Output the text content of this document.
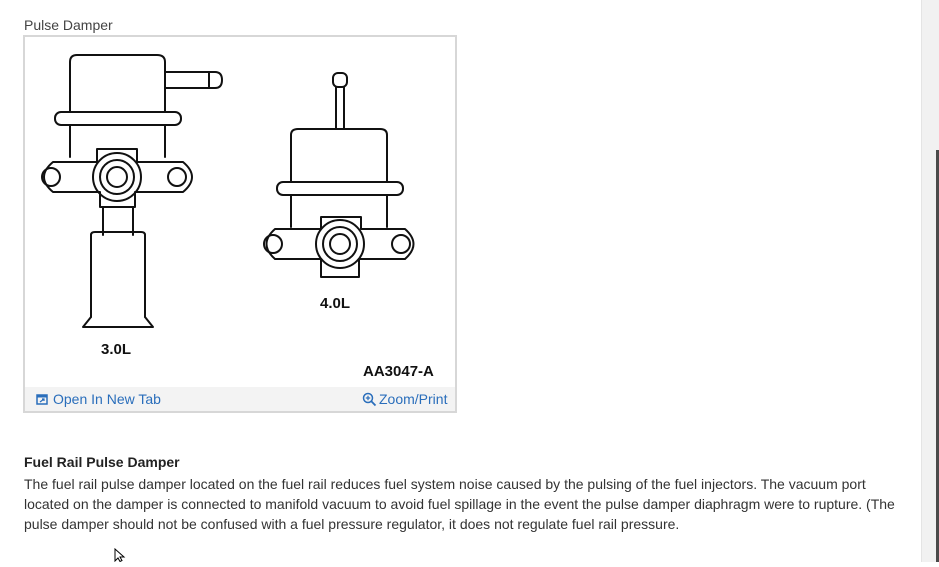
Pulse Damper
3.0L
4.0L
AA3047-A
Open In New Tab	Zoom/Print
Fuel Rail Pulse Damper

The fuel rail pulse damper located on the fuel rail reduces fuel system noise caused by the pulsing of the fuel injectors. The vacuum port located on the damper is connected to manifold vacuum to avoid fuel spillage in the event the pulse damper diaphragm were to rupture. (The pulse damper should not be confused with a fuel pressure regulator, it does not regulate fuel rail pressure.
